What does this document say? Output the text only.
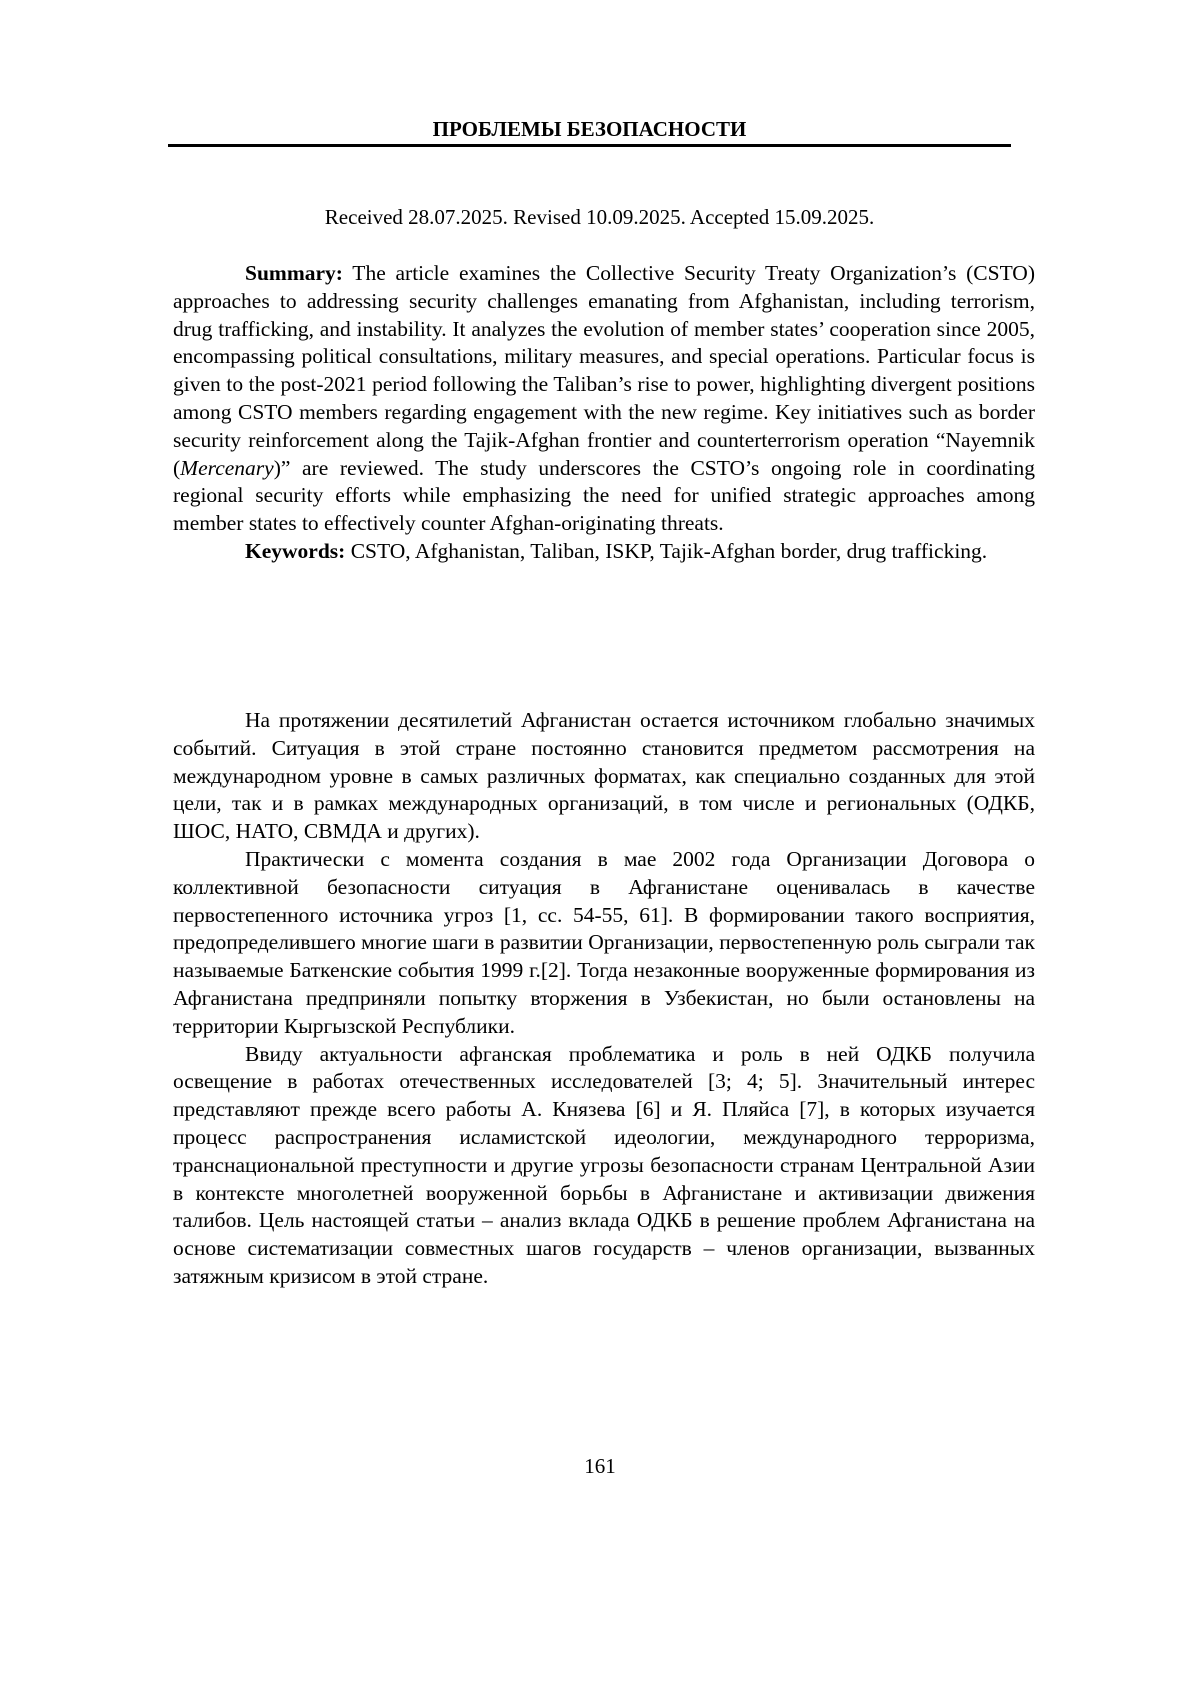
ПРОБЛЕМЫ БЕЗОПАСНОСТИ
Received 28.07.2025. Revised 10.09.2025. Accepted 15.09.2025.

Summary: The article examines the Collective Security Treaty Organization’s (CSTO) approaches to addressing security challenges emanating from Afghanistan, including terrorism, drug trafficking, and instability. It analyzes the evolution of member states’ cooperation since 2005, encompassing political consultations, military measures, and special operations. Particular focus is given to the post-2021 period following the Taliban’s rise to power, highlighting divergent positions among CSTO members regarding engagement with the new regime. Key initiatives such as border security reinforcement along the Tajik-Afghan frontier and counterterrorism operation “Nayemnik (Mercenary)” are reviewed. The study underscores the CSTO’s ongoing role in coordinating regional security efforts while emphasizing the need for unified strategic approaches among member states to effectively counter Afghan-originating threats.

Keywords: CSTO, Afghanistan, Taliban, ISKP, Tajik-Afghan border, drug trafficking.

На протяжении десятилетий Афганистан остается источником глобально значимых событий. Ситуация в этой стране постоянно становится предметом рассмотрения на международном уровне в самых различных форматах, как специально созданных для этой цели, так и в рамках международных организаций, в том числе и региональных (ОДКБ, ШОС, НАТО, СВМДА и других).

Практически с момента создания в мае 2002 года Организации Договора о коллективной безопасности ситуация в Афганистане оценивалась в качестве первостепенного источника угроз [1, сс. 54-55, 61]. В формировании такого восприятия, предопределившего многие шаги в развитии Организации, первостепенную роль сыграли так называемые Баткенские события 1999 г.[2]. Тогда незаконные вооруженные формирования из Афганистана предприняли попытку вторжения в Узбекистан, но были остановлены на территории Кыргызской Республики.

Ввиду актуальности афганская проблематика и роль в ней ОДКБ получила освещение в работах отечественных исследователей [3; 4; 5]. Значительный интерес представляют прежде всего работы А. Князева [6] и Я. Пляйса [7], в которых изучается процесс распространения исламистской идеологии, международного терроризма, транснациональной преступности и другие угрозы безопасности странам Центральной Азии в контексте многолетней вооруженной борьбы в Афганистане и активизации движения талибов. Цель настоящей статьи – анализ вклада ОДКБ в решение проблем Афганистана на основе систематизации совместных шагов государств – членов организации, вызванных затяжным кризисом в этой стране.

161
